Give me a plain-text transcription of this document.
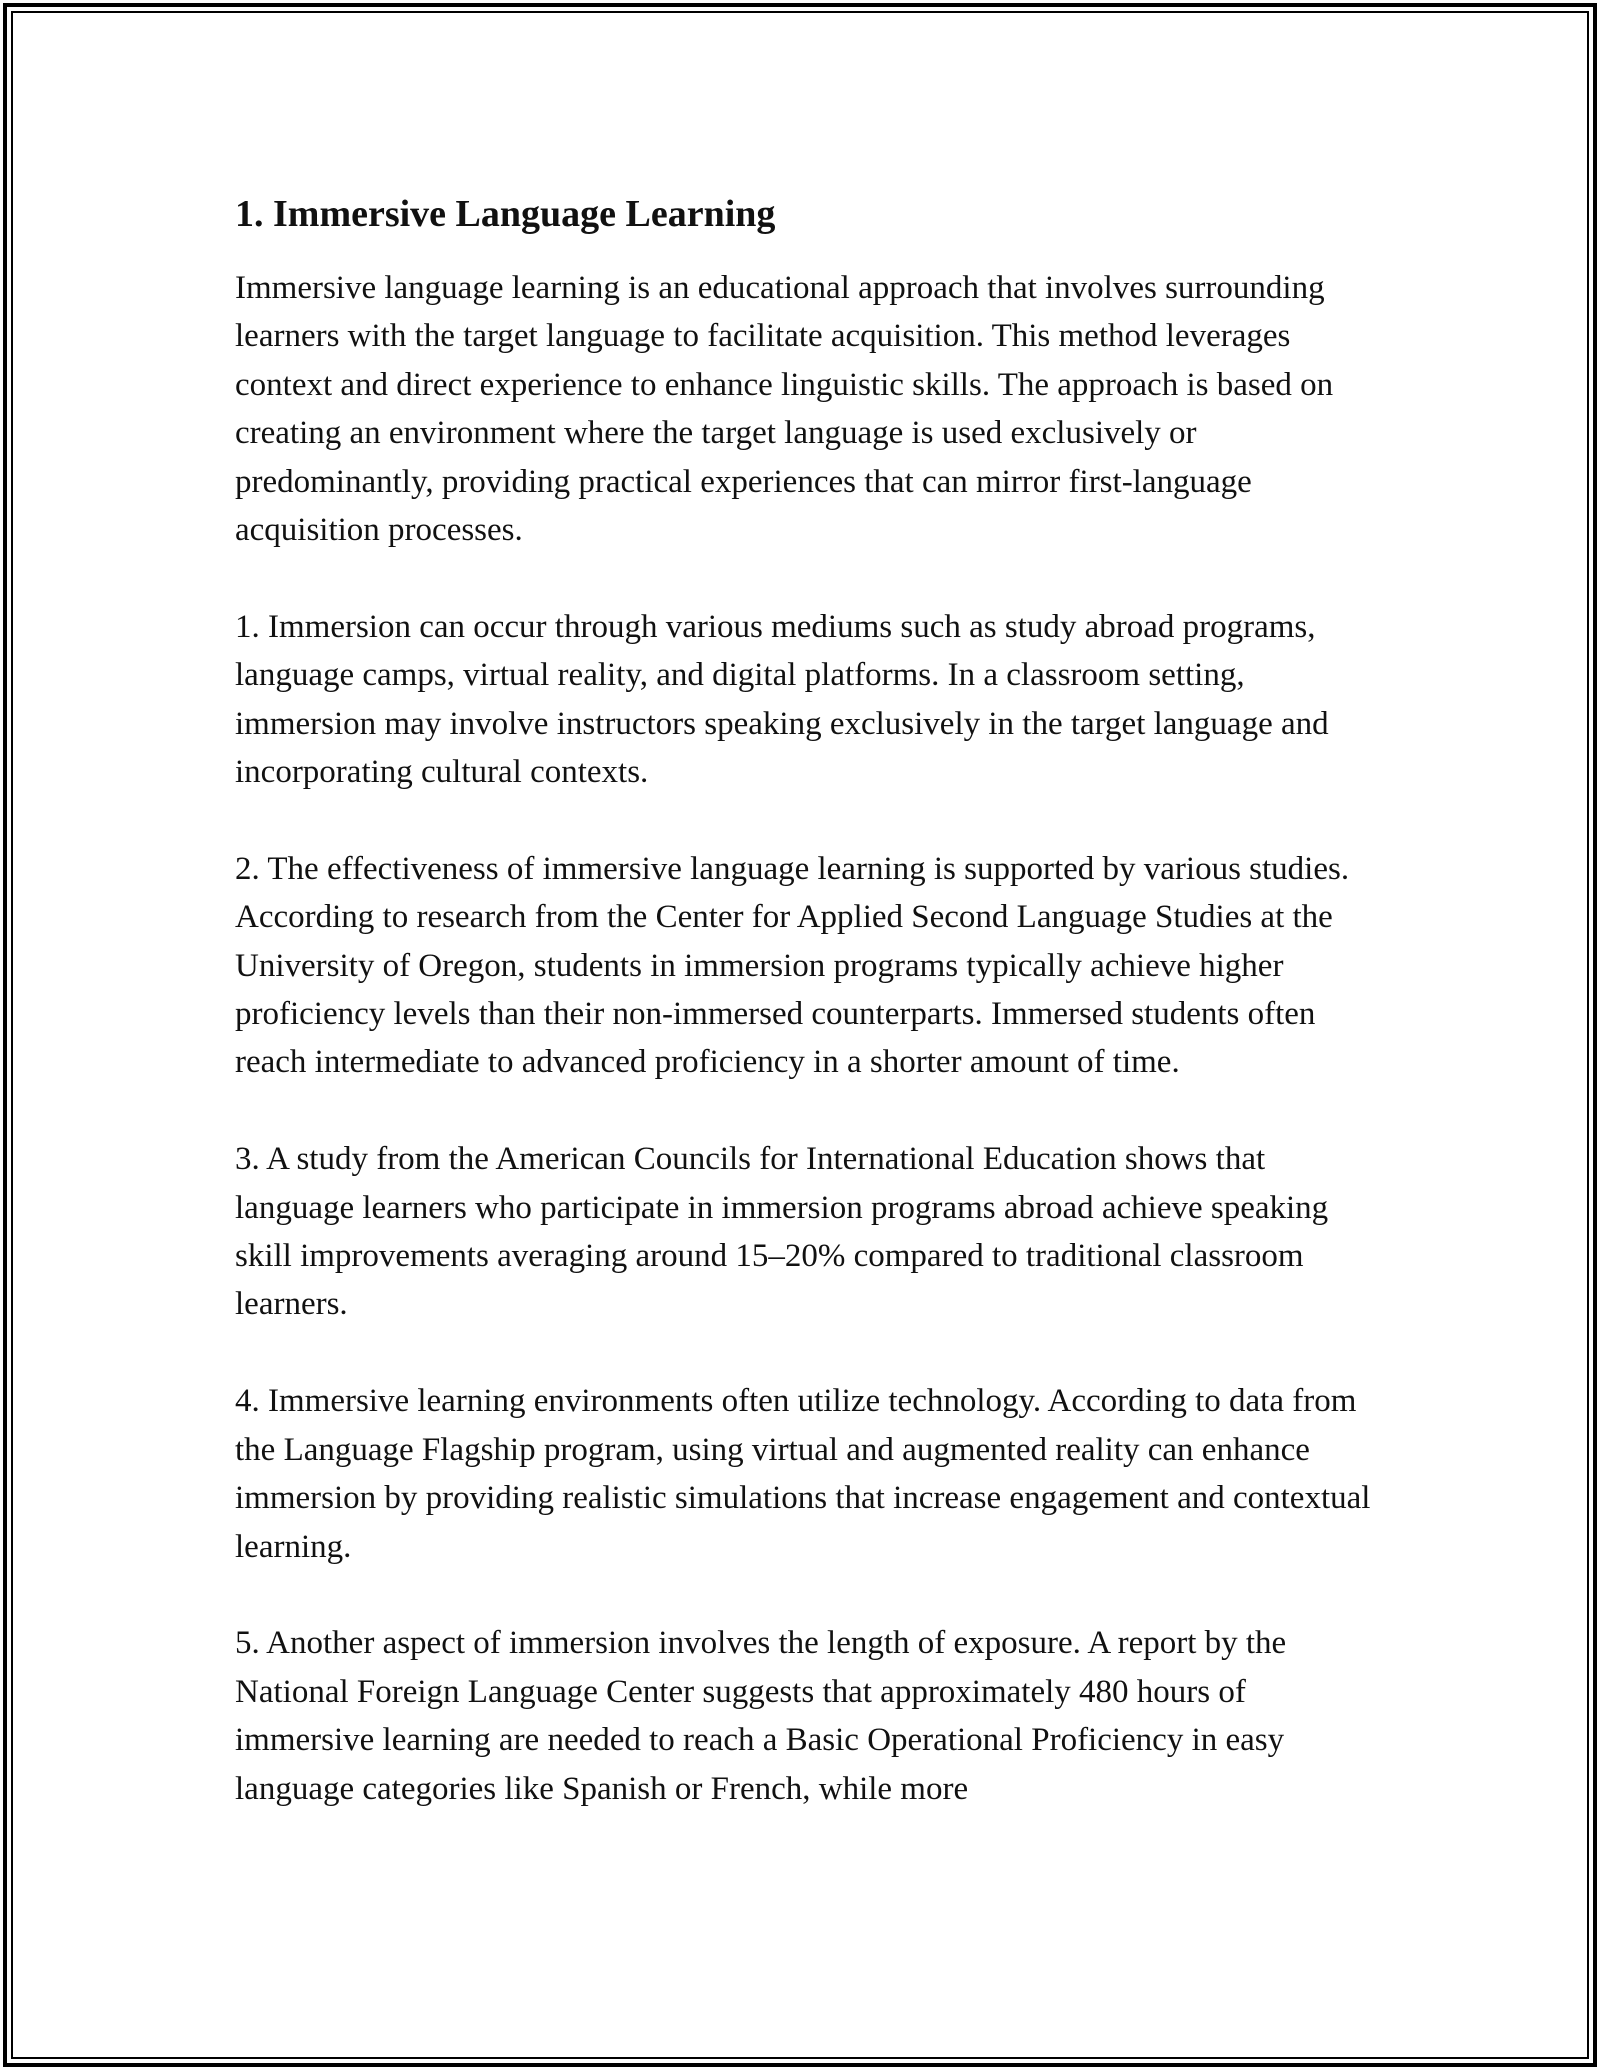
1. Immersive Language Learning

Immersive language learning is an educational approach that involves surrounding learners with the target language to facilitate acquisition. This method leverages context and direct experience to enhance linguistic skills. The approach is based on creating an environment where the target language is used exclusively or predominantly, providing practical experiences that can mirror first-language acquisition processes.

1. Immersion can occur through various mediums such as study abroad programs, language camps, virtual reality, and digital platforms. In a classroom setting, immersion may involve instructors speaking exclusively in the target language and incorporating cultural contexts.

2. The effectiveness of immersive language learning is supported by various studies. According to research from the Center for Applied Second Language Studies at the University of Oregon, students in immersion programs typically achieve higher proficiency levels than their non-immersed counterparts. Immersed students often reach intermediate to advanced proficiency in a shorter amount of time.

3. A study from the American Councils for International Education shows that language learners who participate in immersion programs abroad achieve speaking skill improvements averaging around 15–20% compared to traditional classroom learners.

4. Immersive learning environments often utilize technology. According to data from the Language Flagship program, using virtual and augmented reality can enhance immersion by providing realistic simulations that increase engagement and contextual learning.

5. Another aspect of immersion involves the length of exposure. A report by the National Foreign Language Center suggests that approximately 480 hours of immersive learning are needed to reach a Basic Operational Proficiency in easy language categories like Spanish or French, while more
